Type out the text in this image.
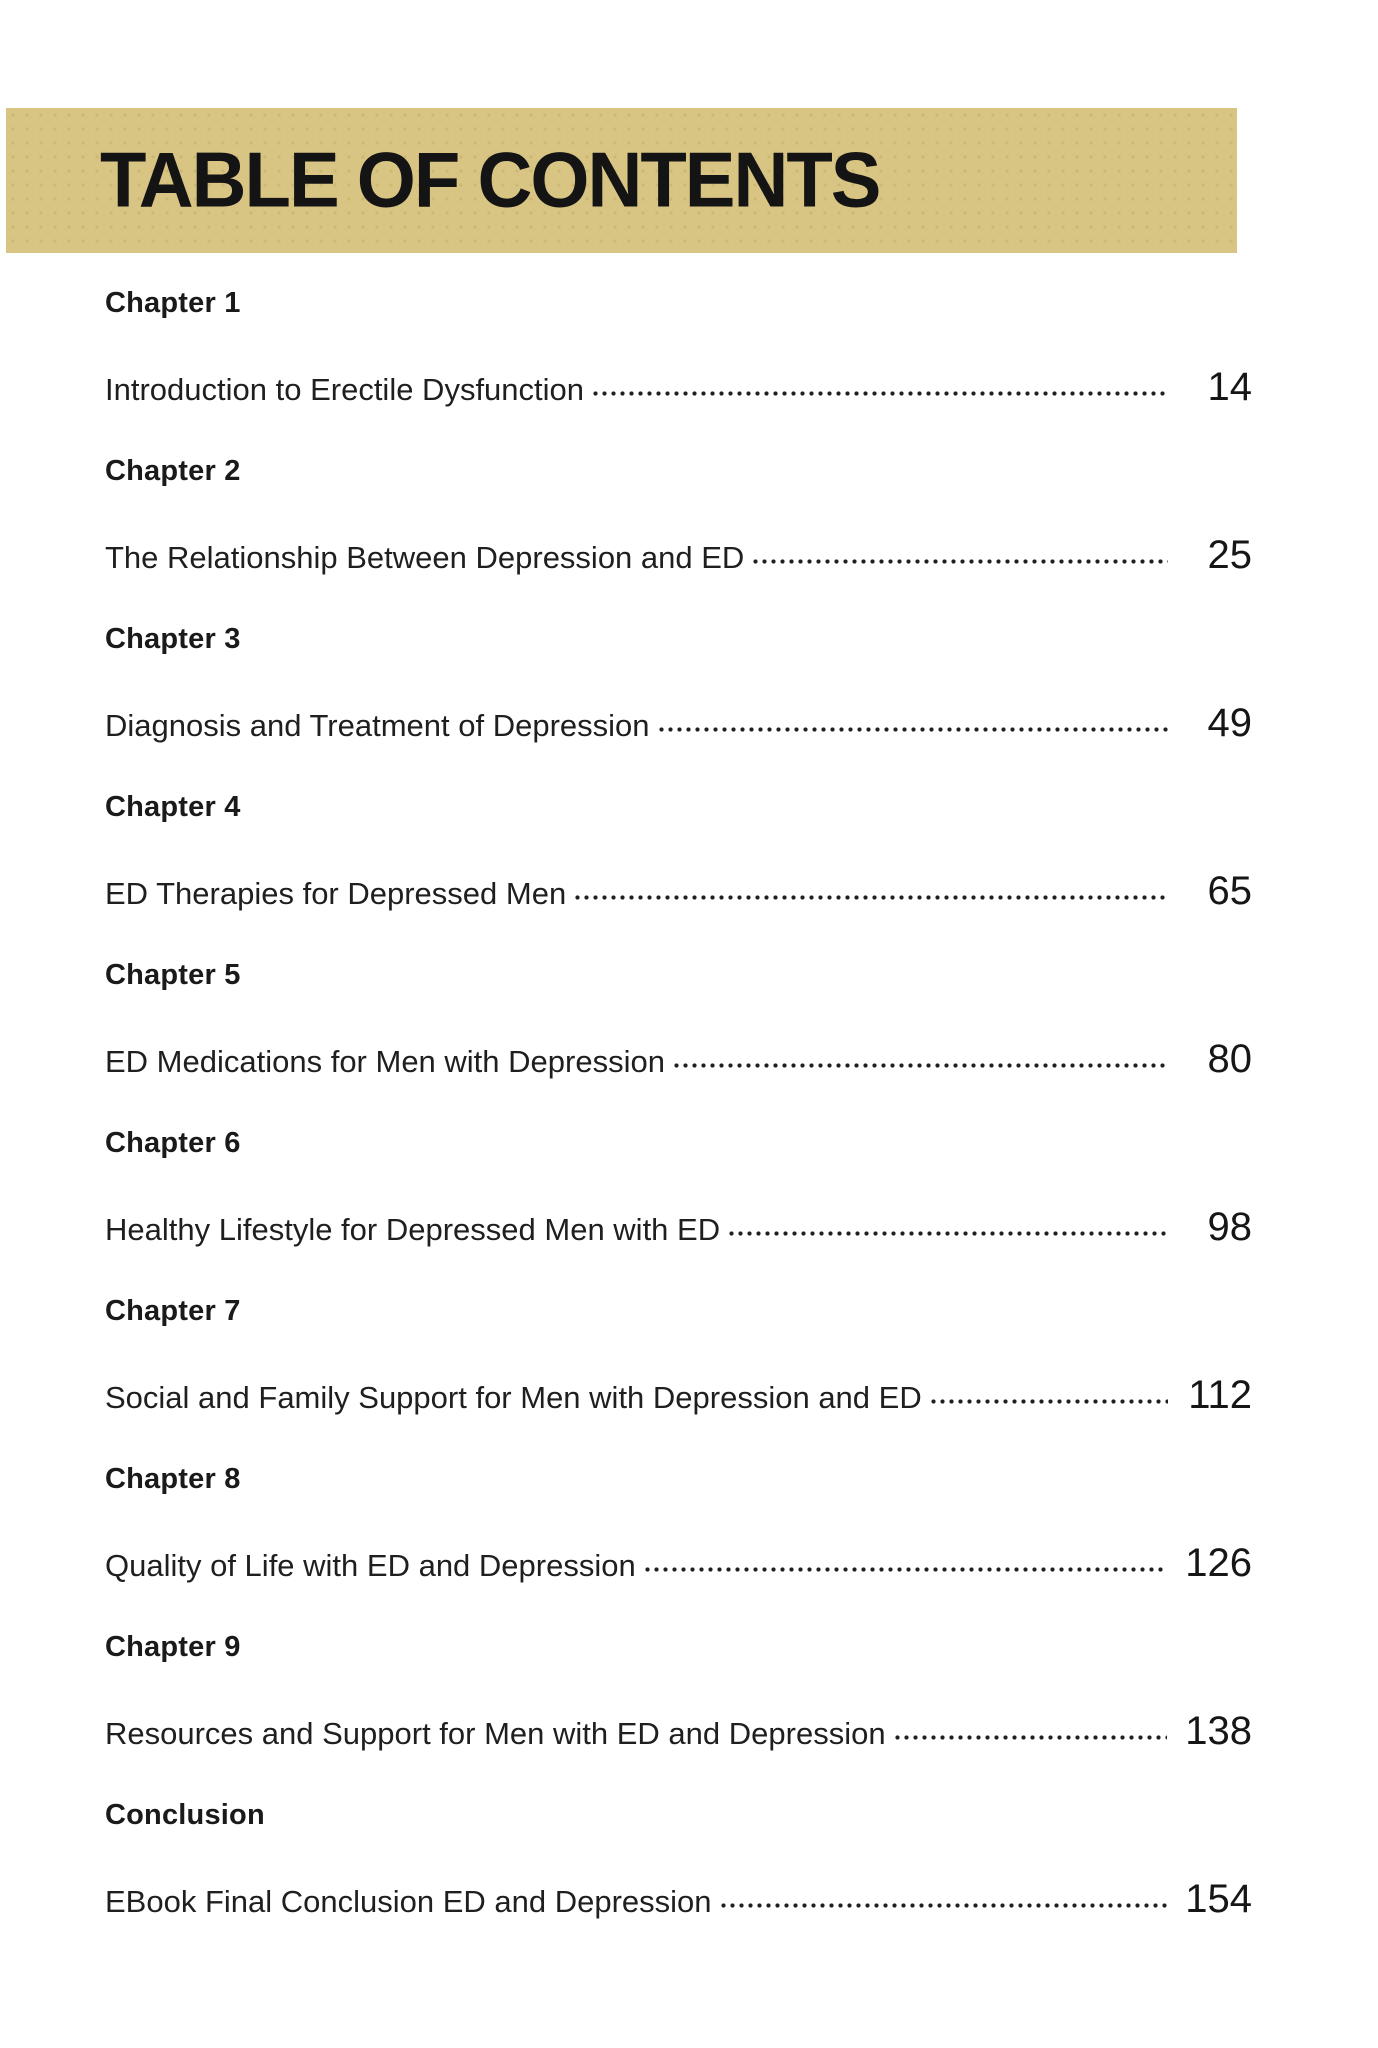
TABLE OF CONTENTS
Chapter 1
Introduction to Erectile Dysfunction	14
Chapter 2
The Relationship Between Depression and ED	25
Chapter 3
Diagnosis and Treatment of Depression	49
Chapter 4
ED Therapies for Depressed Men	65
Chapter 5
ED Medications for Men with Depression	80
Chapter 6
Healthy Lifestyle for Depressed Men with ED	98
Chapter 7
Social and Family Support for Men with Depression and ED	112
Chapter 8
Quality of Life with ED and Depression	126
Chapter 9
Resources and Support for Men with ED and Depression	138
Conclusion
EBook Final Conclusion ED and Depression	154
